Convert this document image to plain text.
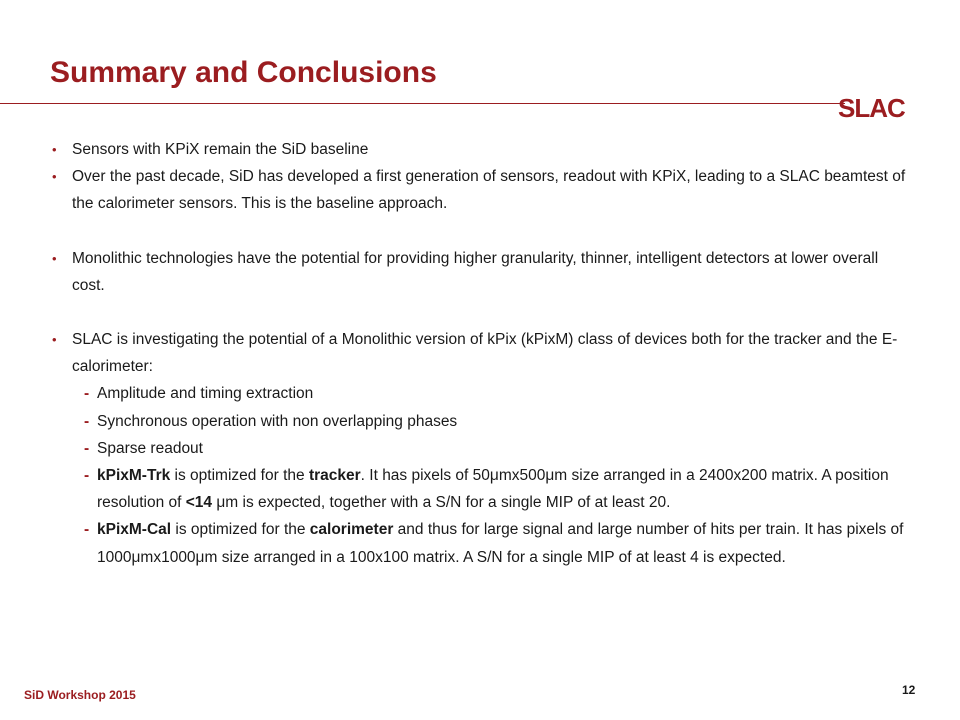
Summary and Conclusions
SLAC
• Sensors with KPiX remain the SiD baseline
• Over the past decade, SiD has developed a first generation of sensors, readout with KPiX, leading to a SLAC beamtest of the calorimeter sensors. This is the baseline approach.
• Monolithic technologies have the potential for providing higher granularity, thinner, intelligent detectors at lower overall cost.
• SLAC is investigating the potential of a Monolithic version of kPix (kPixM) class of devices both for the tracker and the E-calorimeter:
- Amplitude and timing extraction
- Synchronous operation with non overlapping phases
- Sparse readout
- kPixM-Trk is optimized for the tracker. It has pixels of 50μmx500μm size arranged in a 2400x200 matrix. A position resolution of <14 μm is expected, together with a S/N for a single MIP of at least 20.
- kPixM-Cal is optimized for the calorimeter and thus for large signal and large number of hits per train. It has pixels of 1000μmx1000μm size arranged in a 100x100 matrix. A S/N for a single MIP of at least 4 is expected.
SiD Workshop 2015	12
